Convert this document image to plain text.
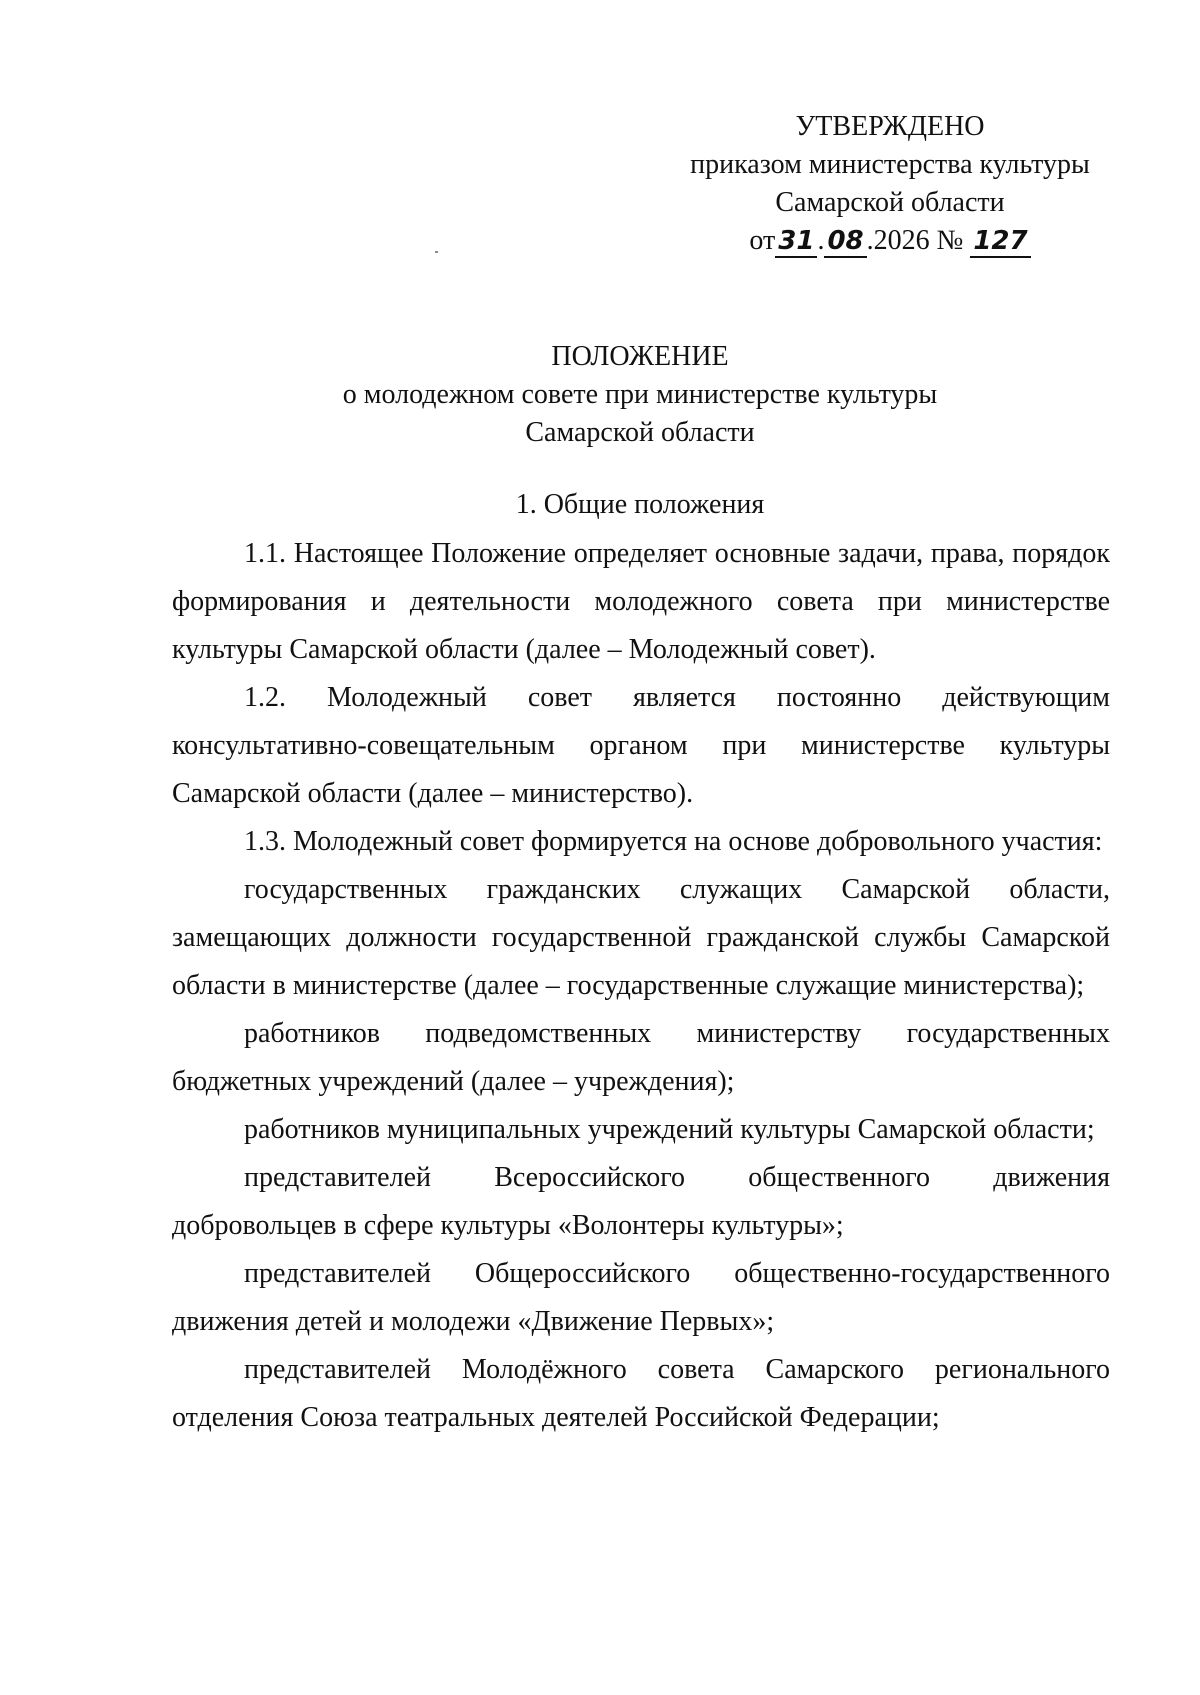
УТВЕРЖДЕНО
приказом министерства культуры
Самарской области
от 31 . 08 .2026 № 127
ПОЛОЖЕНИЕ
о молодежном совете при министерстве культуры
Самарской области
1. Общие положения

1.1. Настоящее Положение определяет основные задачи, права, порядок формирования и деятельности молодежного совета при министерстве культуры Самарской области (далее – Молодежный совет).

1.2. Молодежный совет является постоянно действующим консультативно-совещательным органом при министерстве культуры Самарской области (далее – министерство).

1.3. Молодежный совет формируется на основе добровольного участия:

государственных гражданских служащих Самарской области, замещающих должности государственной гражданской службы Самарской области в министерстве (далее – государственные служащие министерства);

работников подведомственных министерству государственных бюджетных учреждений (далее – учреждения);

работников муниципальных учреждений культуры Самарской области;

представителей Всероссийского общественного движения добровольцев в сфере культуры «Волонтеры культуры»;

представителей Общероссийского общественно-государственного движения детей и молодежи «Движение Первых»;

представителей Молодёжного совета Самарского регионального отделения Союза театральных деятелей Российской Федерации;
